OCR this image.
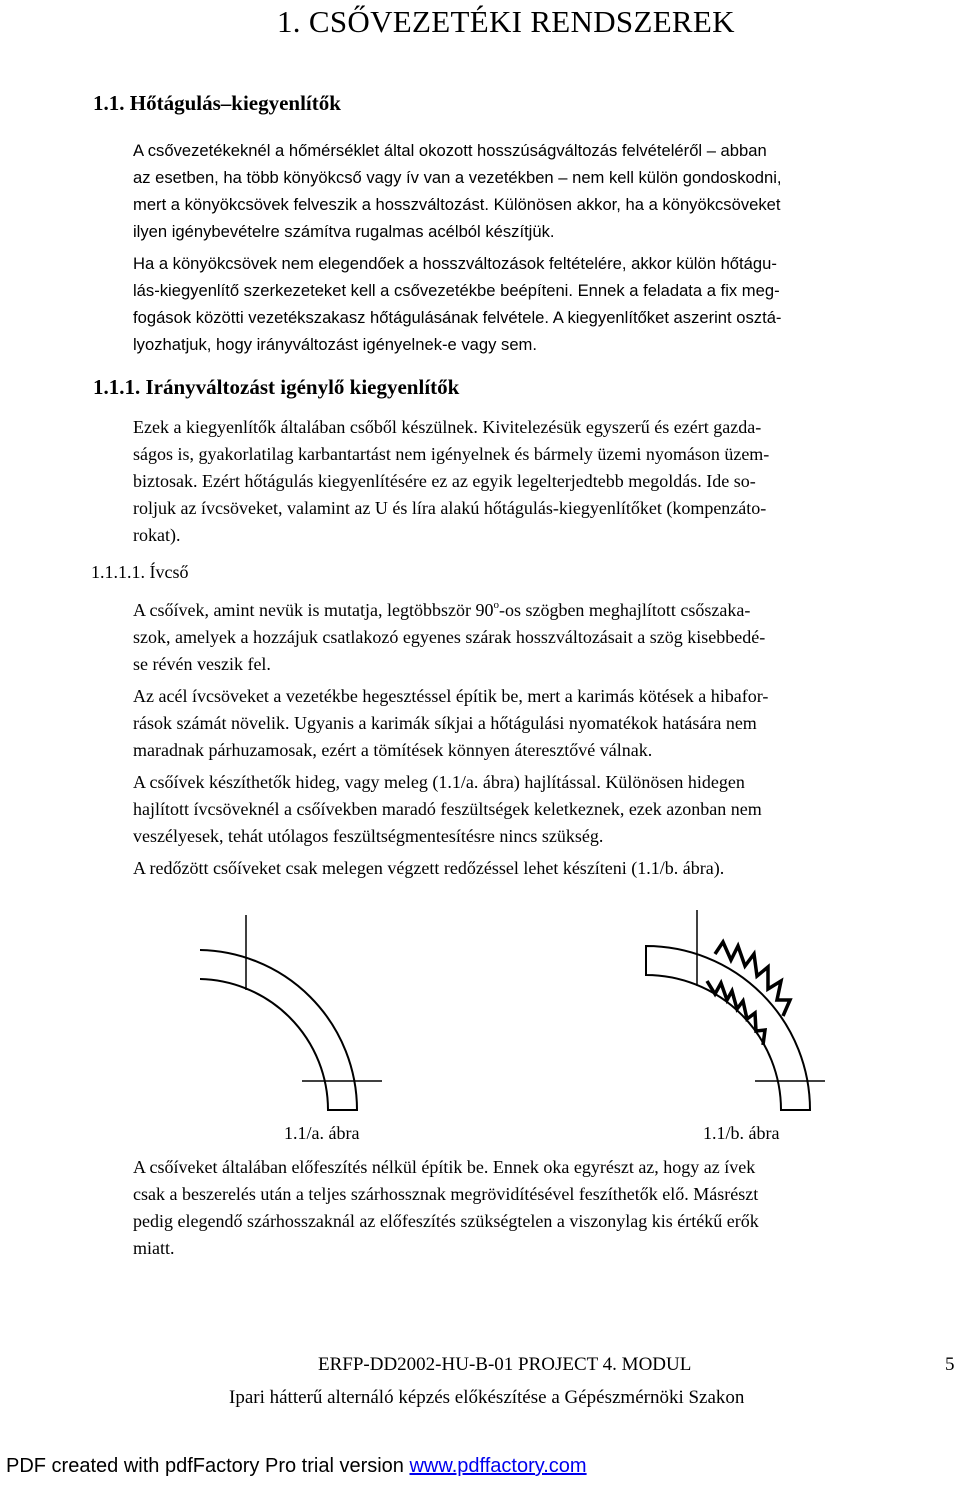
1. CSŐVEZETÉKI RENDSZEREK
1.1. Hőtágulás–kiegyenlítők
A csővezetékeknél a hőmérséklet által okozott hosszúságváltozás felvételéről – abban
az esetben, ha több könyökcső vagy ív van a vezetékben – nem kell külön gondoskodni,
mert a könyökcsövek felveszik a hosszváltozást. Különösen akkor, ha a könyökcsöveket
ilyen igénybevételre számítva rugalmas acélból készítjük.
Ha a könyökcsövek nem elegendőek a hosszváltozások feltételére, akkor külön hőtágu-
lás-kiegyenlítő szerkezeteket kell a csővezetékbe beépíteni. Ennek a feladata a fix meg-
fogások közötti vezetékszakasz hőtágulásának felvétele. A kiegyenlítőket aszerint osztá-
lyozhatjuk, hogy irányváltozást igényelnek-e vagy sem.
1.1.1. Irányváltozást igénylő kiegyenlítők
Ezek a kiegyenlítők általában csőből készülnek. Kivitelezésük egyszerű és ezért gazda-
ságos is, gyakorlatilag karbantartást nem igényelnek és bármely üzemi nyomáson üzem-
biztosak. Ezért hőtágulás kiegyenlítésére ez az egyik legelterjedtebb megoldás. Ide so-
roljuk az ívcsöveket, valamint az U és líra alakú hőtágulás-kiegyenlítőket (kompenzáto-
rokat).
1.1.1.1. Ívcső
A csőívek, amint nevük is mutatja, legtöbbször 90$^o$-os szögben meghajlított csőszaka-
szok, amelyek a hozzájuk csatlakozó egyenes szárak hosszváltozásait a szög kisebbedé-
se révén veszik fel.
Az acél ívcsöveket a vezetékbe hegesztéssel építik be, mert a karimás kötések a hibafor-
rások számát növelik. Ugyanis a karimák síkjai a hőtágulási nyomatékok hatására nem
maradnak párhuzamosak, ezért a tömítések könnyen áteresztővé válnak.
A csőívek készíthetők hideg, vagy meleg (1.1/a. ábra) hajlítással. Különösen hidegen
hajlított ívcsöveknél a csőívekben maradó feszültségek keletkeznek, ezek azonban nem
veszélyesek, tehát utólagos feszültségmentesítésre nincs szükség.
A redőzött csőíveket csak melegen végzett redőzéssel lehet készíteni (1.1/b. ábra).
1.1/a. ábra	1.1/b. ábra
A csőíveket általában előfeszítés nélkül építik be. Ennek oka egyrészt az, hogy az ívek
csak a beszerelés után a teljes szárhossznak megrövidítésével feszíthetők elő. Másrészt
pedig elegendő szárhosszaknál az előfeszítés szükségtelen a viszonylag kis értékű erők
miatt.
ERFP-DD2002-HU-B-01 PROJECT 4. MODUL	5
Ipari hátterű alternáló képzés előkészítése a Gépészmérnöki Szakon
PDF created with pdfFactory Pro trial version www.pdffactory.com
